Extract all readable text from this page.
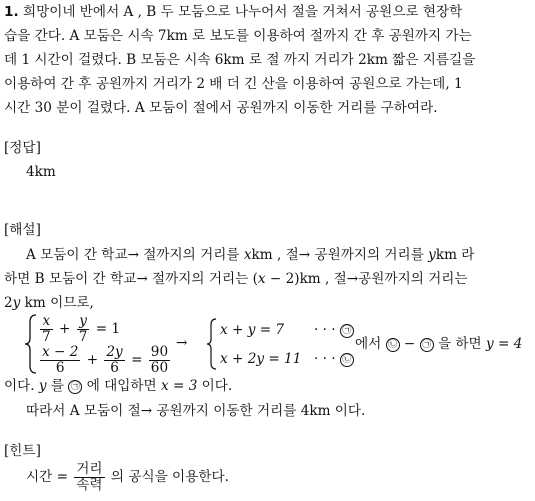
1. 희망이네 반에서 A , B 두 모둠으로 나누어서 절을 거쳐서 공원으로 현장학
습을 간다. A 모둠은 시속 7km 로 보도를 이용하여 절까지 간 후 공원까지 가는
데 1 시간이 걸렸다. B 모둠은 시속 6km 로 절 까지 거리가 2km 짧은 지름길을
이용하여 간 후 공원까지 거리가 2 배 더 긴 산을 이용하여 공원으로 가는데, 1
시간 30 분이 걸렸다. A 모둠이 절에서 공원까지 이동한 거리를 구하여라.
[정답]
4km
[해설]
A 모둠이 간 학교→ 절까지의 거리를 xkm , 절→ 공원까지의 거리를 ykm 라
하면 B 모둠이 간 학교→ 절까지의 거리는 (x − 2)km , 절→공원까지의 거리는
2y km 이므로,
$\frac{x}{7} + \frac{y}{7} = 1$
$\frac{x - 2}{6} + \frac{2y}{6} = \frac{90}{60}$
→
x + y = 7 · · · ㉠
x + 2y = 11 · · · ㉡
에서 ㉡ − ㉠ 을 하면 y = 4
이다. y 를 ㉠ 에 대입하면 x = 3 이다.
따라서 A 모둠이 절→ 공원까지 이동한 거리를 4km 이다.
[힌트]
시간 = $\frac{\text{거리}}{\text{속력}}$ 의 공식을 이용한다.
